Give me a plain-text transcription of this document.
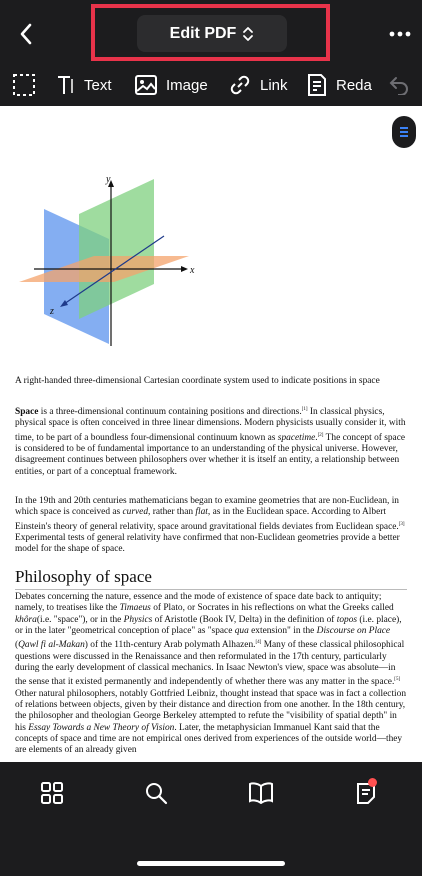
Edit PDF
Text	Image	Link	Reda
y
x
z
A right-handed three-dimensional Cartesian coordinate system used to indicate positions in space
Space is a three-dimensional continuum containing positions and directions.[1] In classical physics, physical space is often conceived in three linear dimensions. Modern physicists usually consider it, with time, to be part of a boundless four-dimensional continuum known as spacetime.[2] The concept of space is considered to be of fundamental importance to an understanding of the physical universe. However, disagreement continues between philosophers over whether it is itself an entity, a relationship between entities, or part of a conceptual framework.
In the 19th and 20th centuries mathematicians began to examine geometries that are non-Euclidean, in which space is conceived as curved, rather than flat, as in the Euclidean space. According to Albert Einstein's theory of general relativity, space around gravitational fields deviates from Euclidean space.[3] Experimental tests of general relativity have confirmed that non-Euclidean geometries provide a better model for the shape of space.
Philosophy of space
Debates concerning the nature, essence and the mode of existence of space date back to antiquity; namely, to treatises like the Timaeus of Plato, or Socrates in his reflections on what the Greeks called khôra(i.e. "space"), or in the Physics of Aristotle (Book IV, Delta) in the definition of topos (i.e. place), or in the later "geometrical conception of place" as "space qua extension" in the Discourse on Place (Qawl fi al-Makan) of the 11th-century Arab polymath Alhazen.[4] Many of these classical philosophical questions were discussed in the Renaissance and then reformulated in the 17th century, particularly during the early development of classical mechanics. In Isaac Newton's view, space was absolute—in the sense that it existed permanently and independently of whether there was any matter in the space.[5] Other natural philosophers, notably Gottfried Leibniz, thought instead that space was in fact a collection of relations between objects, given by their distance and direction from one another. In the 18th century, the philosopher and theologian George Berkeley attempted to refute the "visibility of spatial depth" in his Essay Towards a New Theory of Vision. Later, the metaphysician Immanuel Kant said that the concepts of space and time are not empirical ones derived from experiences of the outside world—they are elements of an already given
